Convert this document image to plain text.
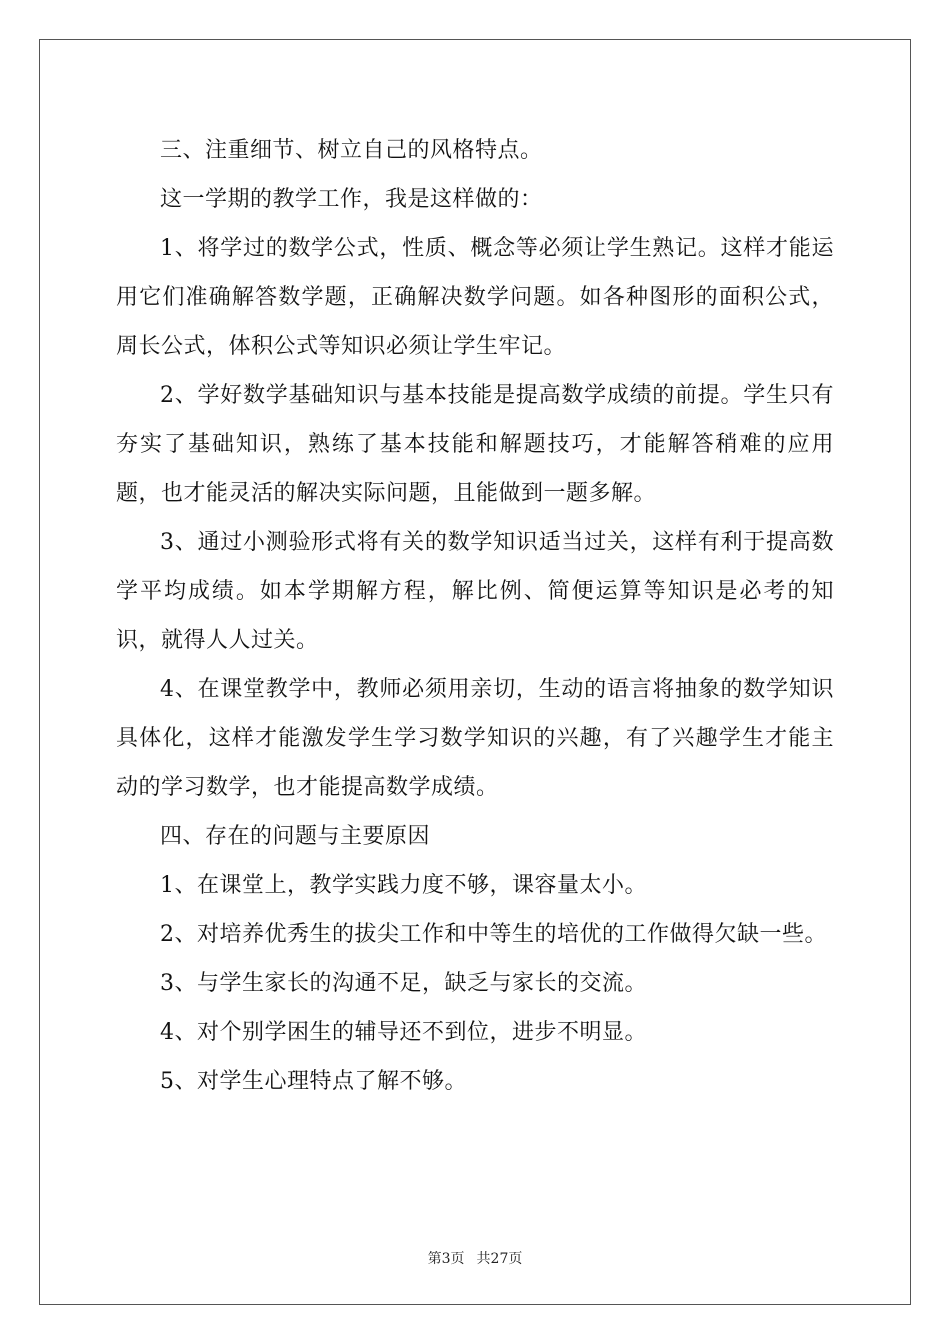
三、注重细节、树立自己的风格特点。

这一学期的教学工作，我是这样做的：

1、将学过的数学公式，性质、概念等必须让学生熟记。这样才能运用它们准确解答数学题，正确解决数学问题。如各种图形的面积公式，周长公式，体积公式等知识必须让学生牢记。

2、学好数学基础知识与基本技能是提高数学成绩的前提。学生只有夯实了基础知识，熟练了基本技能和解题技巧，才能解答稍难的应用题，也才能灵活的解决实际问题，且能做到一题多解。

3、通过小测验形式将有关的数学知识适当过关，这样有利于提高数学平均成绩。如本学期解方程，解比例、简便运算等知识是必考的知识，就得人人过关。

4、在课堂教学中，教师必须用亲切，生动的语言将抽象的数学知识具体化，这样才能激发学生学习数学知识的兴趣，有了兴趣学生才能主动的学习数学，也才能提高数学成绩。

四、存在的问题与主要原因

1、在课堂上，教学实践力度不够，课容量太小。

2、对培养优秀生的拔尖工作和中等生的培优的工作做得欠缺一些。

3、与学生家长的沟通不足，缺乏与家长的交流。

4、对个别学困生的辅导还不到位，进步不明显。

5、对学生心理特点了解不够。

第3页 共27页
